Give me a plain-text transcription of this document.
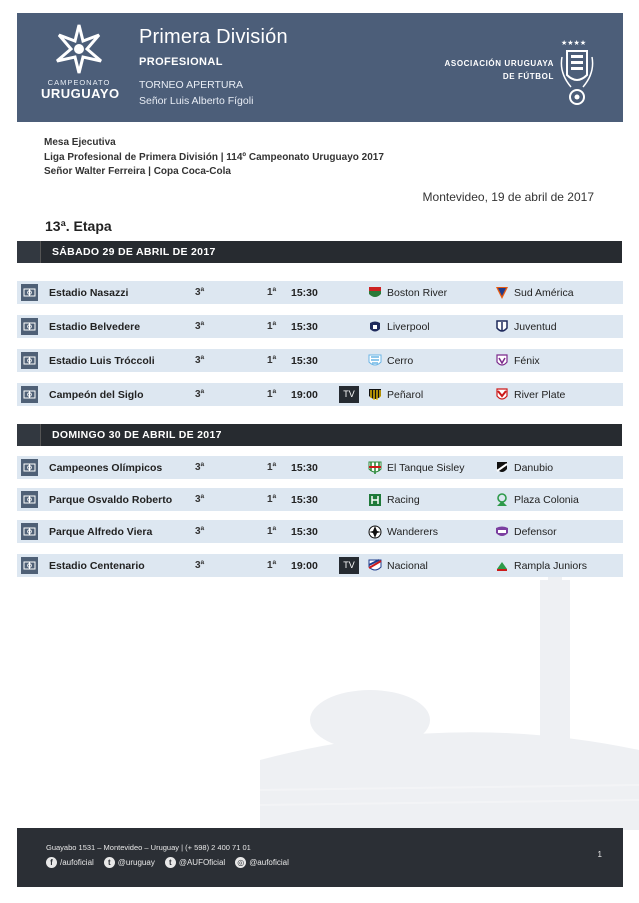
CAMPEONATO
URUGUAYO
Primera División
PROFESIONAL
TORNEO APERTURA
Señor Luis Alberto Fígoli
ASOCIACIÓN URUGUAYA
DE FÚTBOL
★★★★
Mesa Ejecutiva
Liga Profesional de Primera División | 114º Campeonato Uruguayo 2017
Señor Walter Ferreira | Copa Coca-Cola
Montevideo, 19 de abril de 2017
13ª. Etapa
SÁBADO 29 DE ABRIL DE 2017
Estadio Nasazzi	3ª	1ª 15:30	Boston River	Sud América
Estadio Belvedere	3ª	1ª 15:30	Liverpool	Juventud
Estadio Luis Tróccoli	3ª	1ª 15:30	Cerro	Fénix
Campeón del Siglo	3ª	1ª 19:00	TV	Peñarol	River Plate
DOMINGO 30 DE ABRIL DE 2017
Campeones Olímpicos	3ª	1ª 15:30	El Tanque Sisley	Danubio
Parque Osvaldo Roberto 3ª	1ª 15:30	Racing	Plaza Colonia
Parque Alfredo Viera	3ª	1ª 15:30	Wanderers	Defensor
Estadio Centenario	3ª	1ª 19:00	TV	Nacional	Rampla Juniors
Guayabo 1531 – Montevideo – Uruguay | (+ 598) 2 400 71 01
f /aufoficial	t @uruguay	t @AUFOficial ◎ @aufoficial
1
